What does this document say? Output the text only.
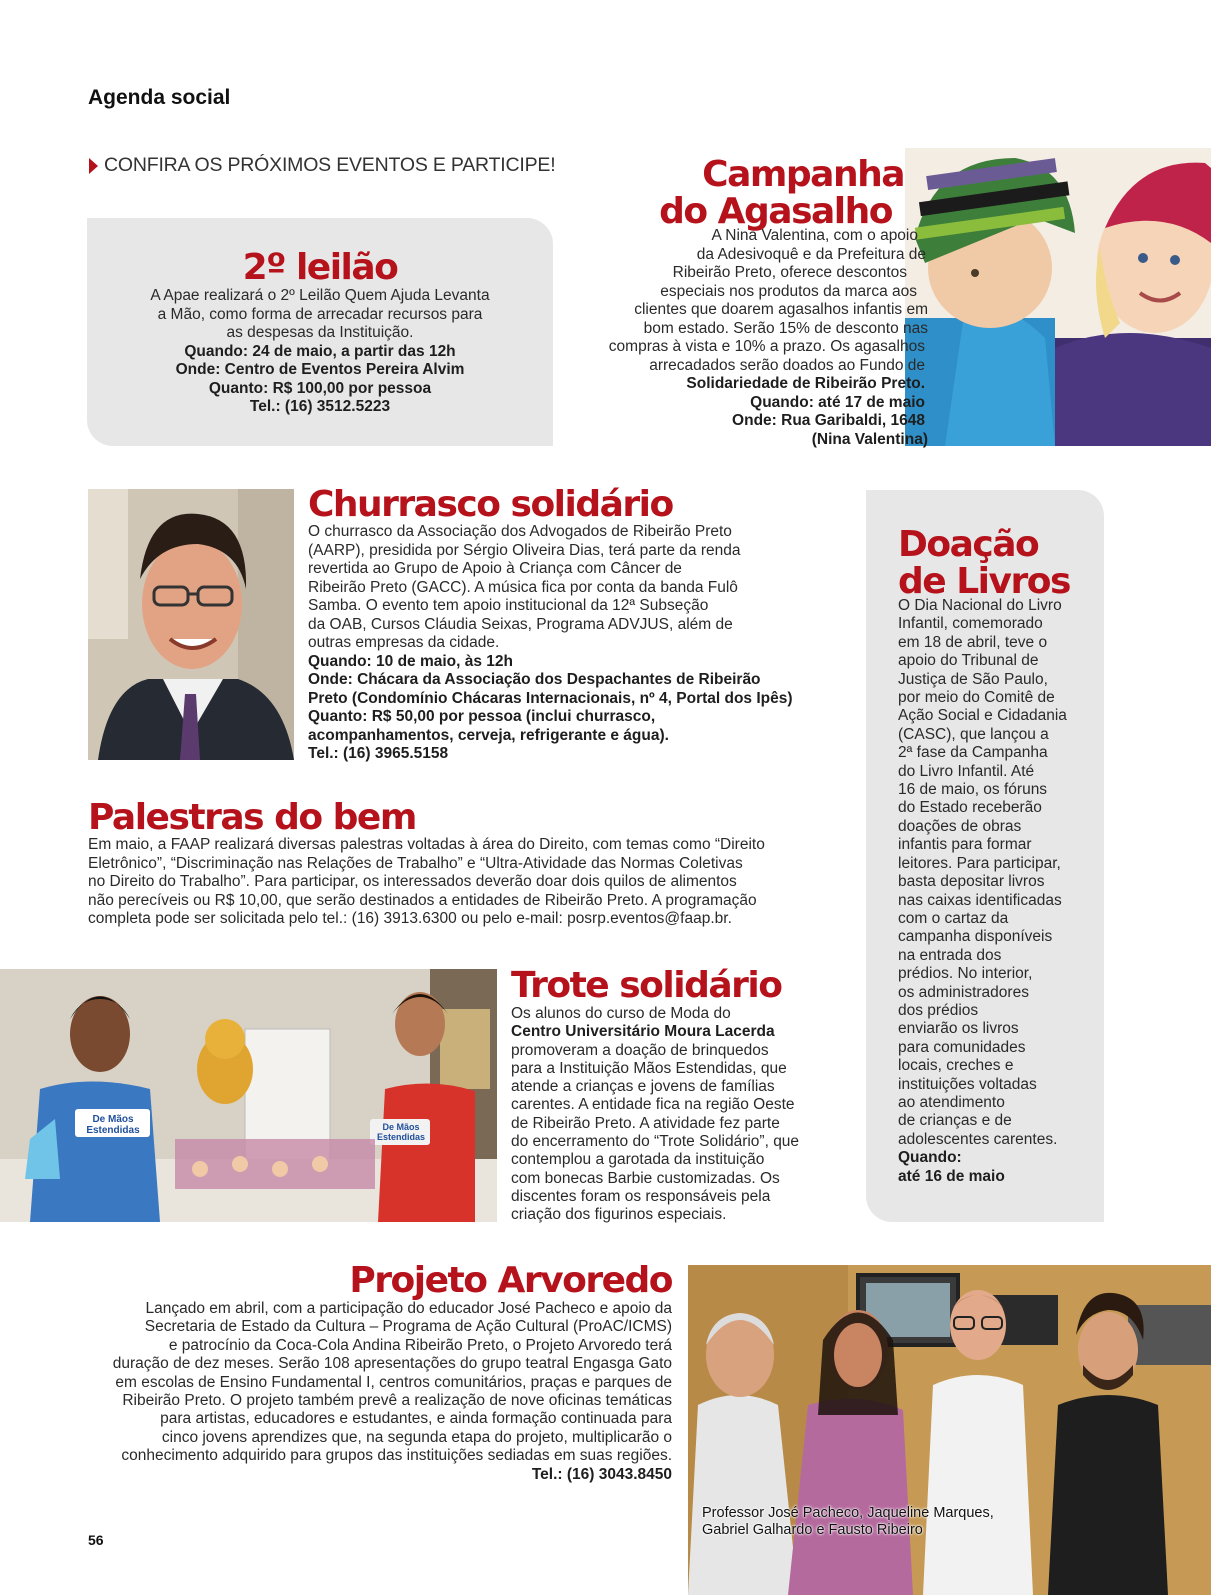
Agenda social
CONFIRA OS PRÓXIMOS EVENTOS E PARTICIPE!
2º leilão
A Apae realizará o 2º Leilão Quem Ajuda Levanta
a Mão, como forma de arrecadar recursos para
as despesas da Instituição.
Quando: 24 de maio, a partir das 12h
Onde: Centro de Eventos Pereira Alvim
Quanto: R$ 100,00 por pessoa
Tel.: (16) 3512.5223
Campanha
do Agasalho
A Nina Valentina, com o apoio
da Adesivoquê e da Prefeitura de
Ribeirão Preto, oferece descontos
especiais nos produtos da marca aos
clientes que doarem agasalhos infantis em
bom estado. Serão 15% de desconto nas
compras à vista e 10% a prazo. Os agasalhos
arrecadados serão doados ao Fundo de
Solidariedade de Ribeirão Preto.
Quando: até 17 de maio
Onde: Rua Garibaldi, 1648
(Nina Valentina)
Churrasco solidário
O churrasco da Associação dos Advogados de Ribeirão Preto
(AARP), presidida por Sérgio Oliveira Dias, terá parte da renda
revertida ao Grupo de Apoio à Criança com Câncer de
Ribeirão Preto (GACC). A música fica por conta da banda Fulô
Samba. O evento tem apoio institucional da 12ª Subseção
da OAB, Cursos Cláudia Seixas, Programa ADVJUS, além de
outras empresas da cidade.
Quando: 10 de maio, às 12h
Onde: Chácara da Associação dos Despachantes de Ribeirão
Preto (Condomínio Chácaras Internacionais, nº 4, Portal dos Ipês)
Quanto: R$ 50,00 por pessoa (inclui churrasco,
acompanhamentos, cerveja, refrigerante e água).
Tel.: (16) 3965.5158
Doação
de Livros
O Dia Nacional do Livro
Infantil, comemorado
em 18 de abril, teve o
apoio do Tribunal de
Justiça de São Paulo,
por meio do Comitê de
Ação Social e Cidadania
(CASC), que lançou a
2ª fase da Campanha
do Livro Infantil. Até
16 de maio, os fóruns
do Estado receberão
doações de obras
infantis para formar
leitores. Para participar,
basta depositar livros
nas caixas identificadas
com o cartaz da
campanha disponíveis
na entrada dos
prédios. No interior,
os administradores
dos prédios
enviarão os livros
para comunidades
locais, creches e
instituições voltadas
ao atendimento
de crianças e de
adolescentes carentes.
Quando:
até 16 de maio
Palestras do bem
Em maio, a FAAP realizará diversas palestras voltadas à área do Direito, com temas como “Direito
Eletrônico”, “Discriminação nas Relações de Trabalho” e “Ultra-Atividade das Normas Coletivas
no Direito do Trabalho”. Para participar, os interessados deverão doar dois quilos de alimentos
não perecíveis ou R$ 10,00, que serão destinados a entidades de Ribeirão Preto. A programação
completa pode ser solicitada pelo tel.: (16) 3913.6300 ou pelo e-mail: posrp.eventos@faap.br.
De Mãos Estendidas	De Mãos Estendidas
Trote solidário
Os alunos do curso de Moda do
Centro Universitário Moura Lacerda
promoveram a doação de brinquedos
para a Instituição Mãos Estendidas, que
atende a crianças e jovens de famílias
carentes. A entidade fica na região Oeste
de Ribeirão Preto. A atividade fez parte
do encerramento do “Trote Solidário”, que
contemplou a garotada da instituição
com bonecas Barbie customizadas. Os
discentes foram os responsáveis pela
criação dos figurinos especiais.
Projeto Arvoredo
Lançado em abril, com a participação do educador José Pacheco e apoio da
Secretaria de Estado da Cultura – Programa de Ação Cultural (ProAC/ICMS)
e patrocínio da Coca-Cola Andina Ribeirão Preto, o Projeto Arvoredo terá
duração de dez meses. Serão 108 apresentações do grupo teatral Engasga Gato
em escolas de Ensino Fundamental I, centros comunitários, praças e parques de
Ribeirão Preto. O projeto também prevê a realização de nove oficinas temáticas
para artistas, educadores e estudantes, e ainda formação continuada para
cinco jovens aprendizes que, na segunda etapa do projeto, multiplicarão o
conhecimento adquirido para grupos das instituições sediadas em suas regiões.
Tel.: (16) 3043.8450
Professor José Pacheco, Jaqueline Marques,
Gabriel Galhardo e Fausto Ribeiro
56
